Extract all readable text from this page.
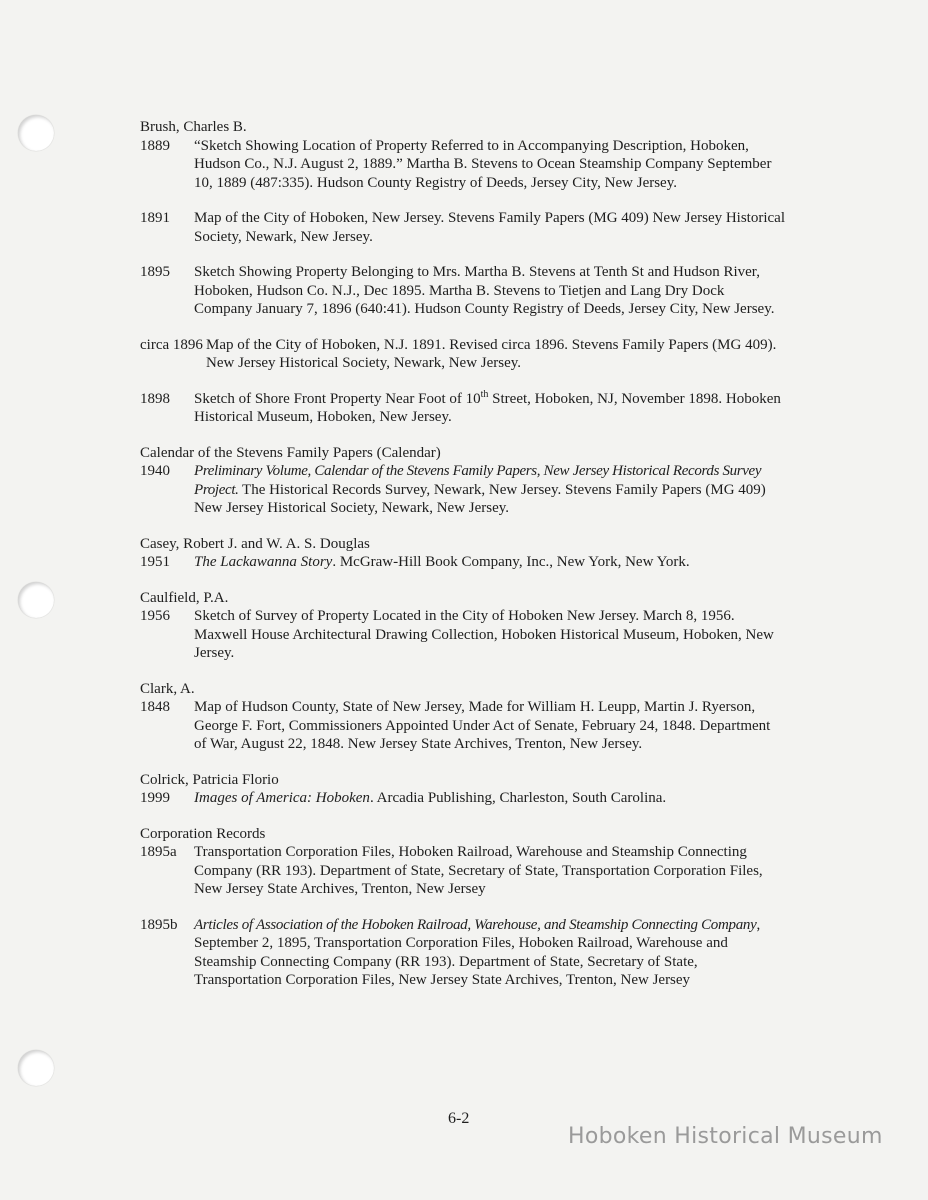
Brush, Charles B.
1889	“Sketch Showing Location of Property Referred to in Accompanying Description, Hoboken, Hudson Co., N.J. August 2, 1889.” Martha B. Stevens to Ocean Steamship Company September 10, 1889 (487:335). Hudson County Registry of Deeds, Jersey City, New Jersey.
1891	Map of the City of Hoboken, New Jersey. Stevens Family Papers (MG 409) New Jersey Historical Society, Newark, New Jersey.
1895	Sketch Showing Property Belonging to Mrs. Martha B. Stevens at Tenth St and Hudson River, Hoboken, Hudson Co. N.J., Dec 1895. Martha B. Stevens to Tietjen and Lang Dry Dock Company January 7, 1896 (640:41). Hudson County Registry of Deeds, Jersey City, New Jersey.
circa 1896 Map of the City of Hoboken, N.J. 1891. Revised circa 1896. Stevens Family Papers (MG 409). New Jersey Historical Society, Newark, New Jersey.
1898	Sketch of Shore Front Property Near Foot of 10th Street, Hoboken, NJ, November 1898. Hoboken Historical Museum, Hoboken, New Jersey.
Calendar of the Stevens Family Papers (Calendar)
1940	Preliminary Volume, Calendar of the Stevens Family Papers, New Jersey Historical Records Survey Project. The Historical Records Survey, Newark, New Jersey. Stevens Family Papers (MG 409) New Jersey Historical Society, Newark, New Jersey.
Casey, Robert J. and W. A. S. Douglas
1951	The Lackawanna Story. McGraw-Hill Book Company, Inc., New York, New York.
Caulfield, P.A.
1956	Sketch of Survey of Property Located in the City of Hoboken New Jersey. March 8, 1956. Maxwell House Architectural Drawing Collection, Hoboken Historical Museum, Hoboken, New Jersey.
Clark, A.
1848	Map of Hudson County, State of New Jersey, Made for William H. Leupp, Martin J. Ryerson, George F. Fort, Commissioners Appointed Under Act of Senate, February 24, 1848. Department of War, August 22, 1848. New Jersey State Archives, Trenton, New Jersey.
Colrick, Patricia Florio
1999	Images of America: Hoboken. Arcadia Publishing, Charleston, South Carolina.
Corporation Records
1895a	Transportation Corporation Files, Hoboken Railroad, Warehouse and Steamship Connecting Company (RR 193). Department of State, Secretary of State, Transportation Corporation Files, New Jersey State Archives, Trenton, New Jersey
1895b	Articles of Association of the Hoboken Railroad, Warehouse, and Steamship Connecting Company, September 2, 1895, Transportation Corporation Files, Hoboken Railroad, Warehouse and Steamship Connecting Company (RR 193). Department of State, Secretary of State, Transportation Corporation Files, New Jersey State Archives, Trenton, New Jersey
6-2
Hoboken Historical Museum
